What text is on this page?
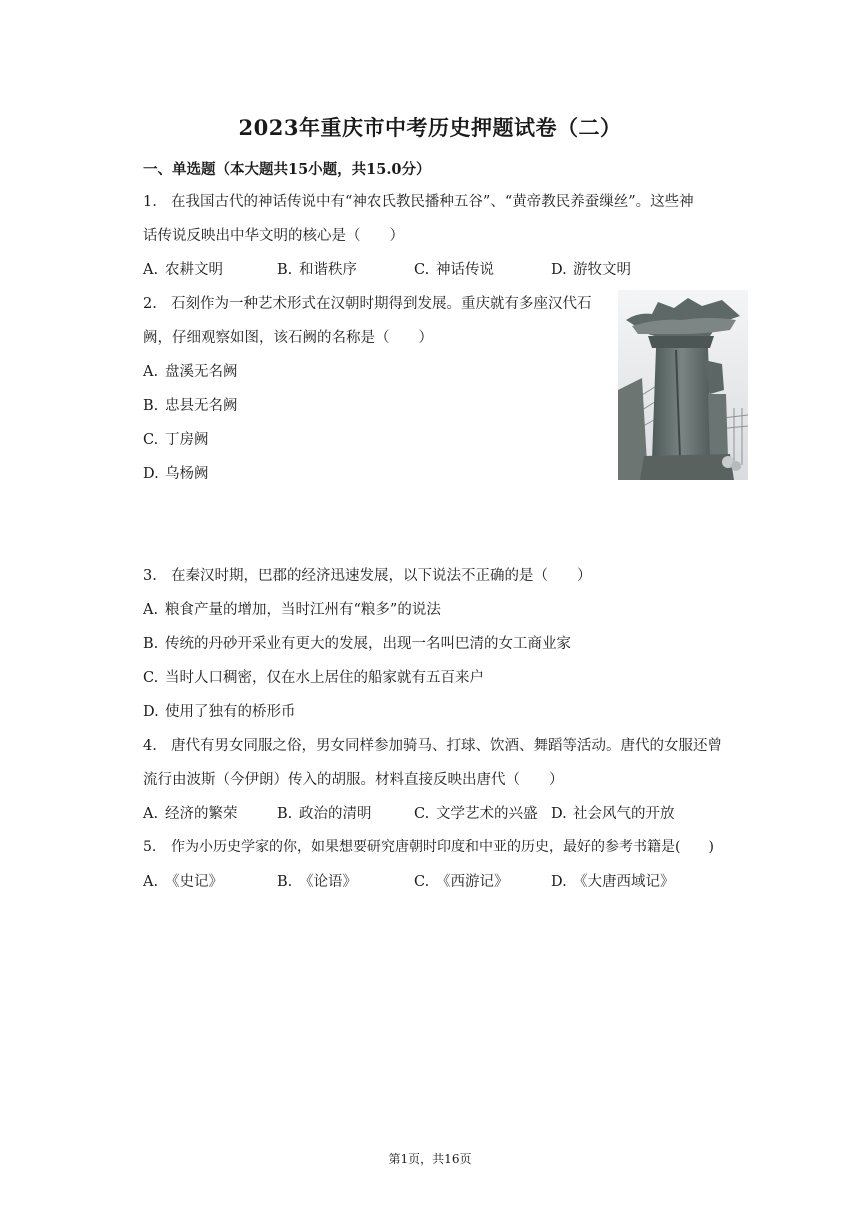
2023年重庆市中考历史押题试卷（二）
一、单选题（本大题共15小题，共15.0分）
1. 在我国古代的神话传说中有“神农氏教民播种五谷”、“黄帝教民养蚕缫丝”。这些神
话传说反映出中华文明的核心是（　　）
A. 农耕文明	B. 和谐秩序	C. 神话传说	D. 游牧文明
2. 石刻作为一种艺术形式在汉朝时期得到发展。重庆就有多座汉代石
阙，仔细观察如图，该石阙的名称是（　　）
A. 盘溪无名阙
B. 忠县无名阙
C. 丁房阙
D. 乌杨阙
3. 在秦汉时期，巴郡的经济迅速发展，以下说法不正确的是（　　）
A. 粮食产量的增加，当时江州有“粮多”的说法
B. 传统的丹砂开采业有更大的发展，出现一名叫巴清的女工商业家
C. 当时人口稠密，仅在水上居住的船家就有五百来户
D. 使用了独有的桥形币
4. 唐代有男女同服之俗，男女同样参加骑马、打球、饮酒、舞蹈等活动。唐代的女服还曾
流行由波斯（今伊朗）传入的胡服。材料直接反映出唐代（　　）
A. 经济的繁荣	B. 政治的清明	C. 文学艺术的兴盛 D. 社会风气的开放
5. 作为小历史学家的你，如果想要研究唐朝时印度和中亚的历史，最好的参考书籍是(　　)
A. 《史记》	B. 《论语》	C. 《西游记》	D. 《大唐西域记》
第1页，共16页
